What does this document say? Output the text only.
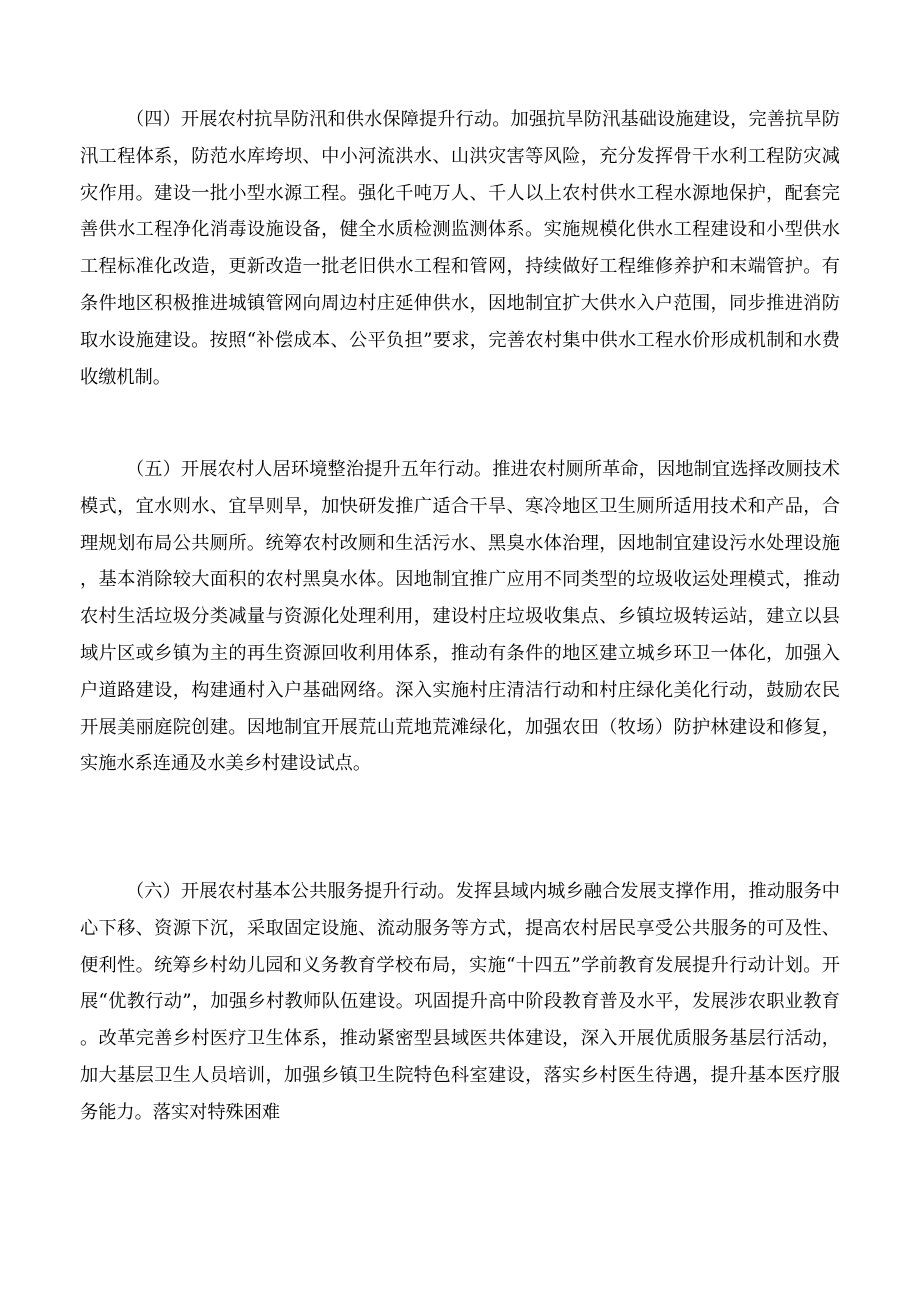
（四）开展农村抗旱防汛和供水保障提升行动。加强抗旱防汛基础设施建设，完善抗旱防汛工程体系，防范水库垮坝、中小河流洪水、山洪灾害等风险，充分发挥骨干水利工程防灾减灾作用。建设一批小型水源工程。强化千吨万人、千人以上农村供水工程水源地保护，配套完善供水工程净化消毒设施设备，健全水质检测监测体系。实施规模化供水工程建设和小型供水工程标准化改造，更新改造一批老旧供水工程和管网，持续做好工程维修养护和末端管护。有条件地区积极推进城镇管网向周边村庄延伸供水，因地制宜扩大供水入户范围，同步推进消防取水设施建设。按照“补偿成本、公平负担”要求，完善农村集中供水工程水价形成机制和水费收缴机制。

（五）开展农村人居环境整治提升五年行动。推进农村厕所革命，因地制宜选择改厕技术模式，宜水则水、宜旱则旱，加快研发推广适合干旱、寒冷地区卫生厕所适用技术和产品，合理规划布局公共厕所。统筹农村改厕和生活污水、黑臭水体治理，因地制宜建设污水处理设施，基本消除较大面积的农村黑臭水体。因地制宜推广应用不同类型的垃圾收运处理模式，推动农村生活垃圾分类减量与资源化处理利用，建设村庄垃圾收集点、乡镇垃圾转运站，建立以县域片区或乡镇为主的再生资源回收利用体系，推动有条件的地区建立城乡环卫一体化，加强入户道路建设，构建通村入户基础网络。深入实施村庄清洁行动和村庄绿化美化行动，鼓励农民开展美丽庭院创建。因地制宜开展荒山荒地荒滩绿化，加强农田（牧场）防护林建设和修复，实施水系连通及水美乡村建设试点。

（六）开展农村基本公共服务提升行动。发挥县域内城乡融合发展支撑作用，推动服务中心下移、资源下沉，采取固定设施、流动服务等方式，提高农村居民享受公共服务的可及性、便利性。统筹乡村幼儿园和义务教育学校布局，实施“十四五”学前教育发展提升行动计划。开展“优教行动”，加强乡村教师队伍建设。巩固提升高中阶段教育普及水平，发展涉农职业教育。改革完善乡村医疗卫生体系，推动紧密型县域医共体建设，深入开展优质服务基层行活动，加大基层卫生人员培训，加强乡镇卫生院特色科室建设，落实乡村医生待遇，提升基本医疗服务能力。落实对特殊困难
